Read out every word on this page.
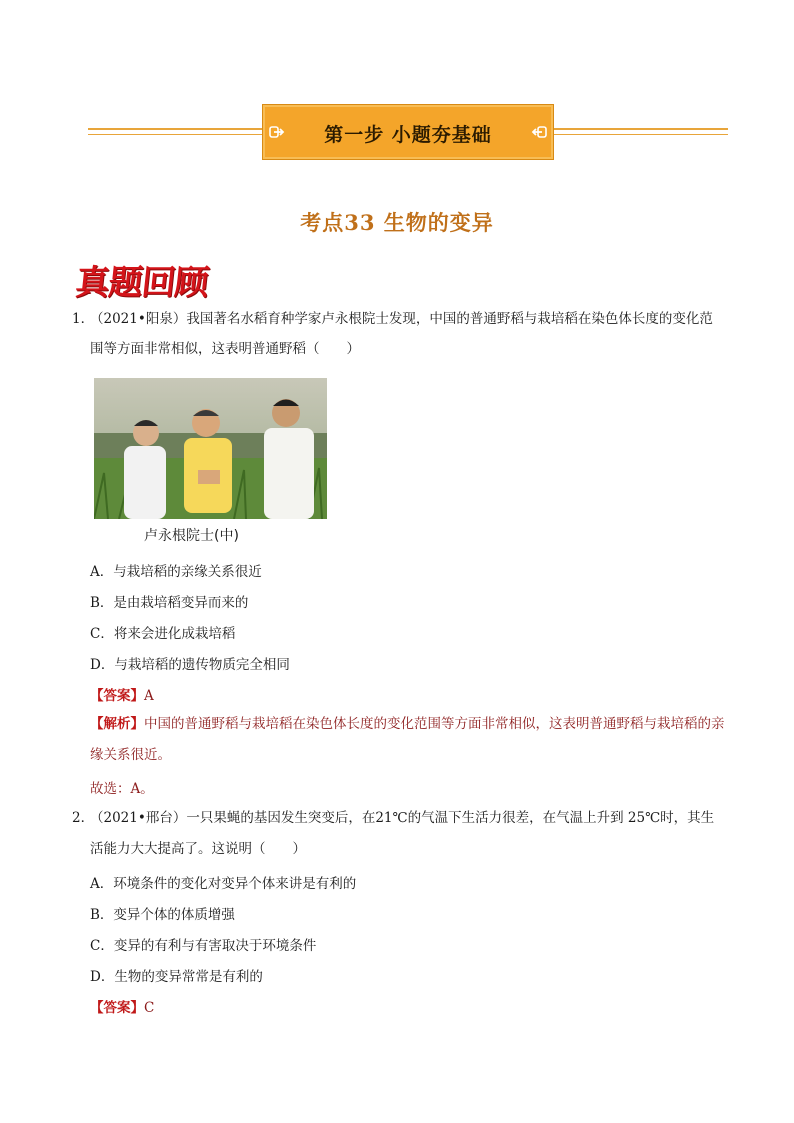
第一步 小题夯基础
考点33 生物的变异
真题回顾
1．（2021•阳泉）我国著名水稻育种学家卢永根院士发现，中国的普通野稻与栽培稻在染色体长度的变化范
围等方面非常相似，这表明普通野稻（　　）
卢永根院士(中)
A．与栽培稻的亲缘关系很近
B．是由栽培稻变异而来的
C．将来会进化成栽培稻
D．与栽培稻的遗传物质完全相同
【答案】A
【解析】中国的普通野稻与栽培稻在染色体长度的变化范围等方面非常相似，这表明普通野稻与栽培稻的亲缘关系很近。
故选：A。
2．（2021•邢台）一只果蝇的基因发生突变后，在21℃的气温下生活力很差，在气温上升到 25℃时，其生
活能力大大提高了。这说明（　　）
A．环境条件的变化对变异个体来讲是有利的
B．变异个体的体质增强
C．变异的有利与有害取决于环境条件
D．生物的变异常常是有利的
【答案】C
